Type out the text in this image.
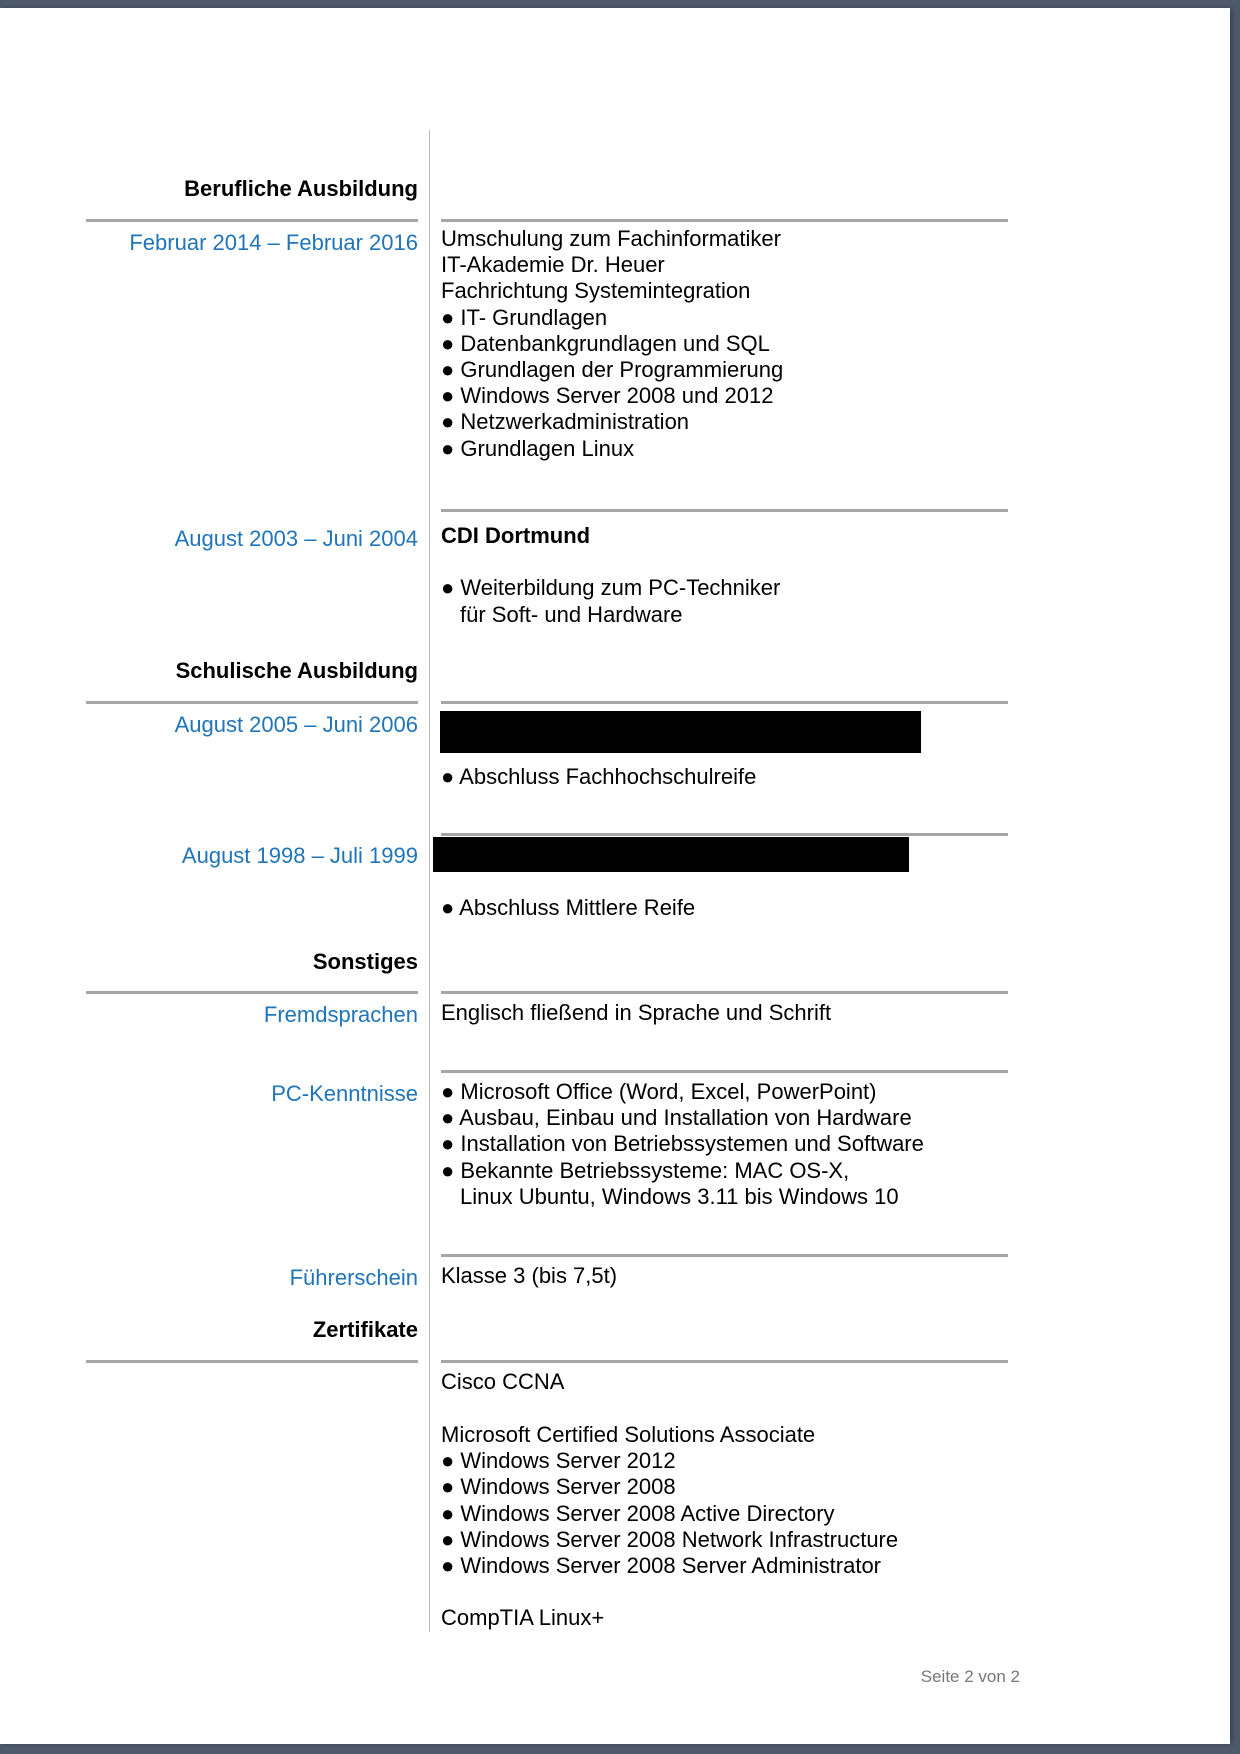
Berufliche Ausbildung
Februar 2014 – Februar 2016 Umschulung zum Fachinformatiker
IT-Akademie Dr. Heuer
Fachrichtung Systemintegration
● IT- Grundlagen
● Datenbankgrundlagen und SQL
● Grundlagen der Programmierung
● Windows Server 2008 und 2012
● Netzwerkadministration
● Grundlagen Linux
August 2003 – Juni 2004 CDI Dortmund
● Weiterbildung zum PC-Techniker
für Soft- und Hardware
Schulische Ausbildung
August 2005 – Juni 2006
● Abschluss Fachhochschulreife
August 1998 – Juli 1999
● Abschluss Mittlere Reife
Sonstiges
Fremdsprachen Englisch fließend in Sprache und Schrift
PC-Kenntnisse ● Microsoft Office (Word, Excel, PowerPoint)
● Ausbau, Einbau und Installation von Hardware
● Installation von Betriebssystemen und Software
● Bekannte Betriebssysteme: MAC OS-X,
Linux Ubuntu, Windows 3.11 bis Windows 10
Führerschein Klasse 3 (bis 7,5t)
Zertifikate
Cisco CCNA
Microsoft Certified Solutions Associate
● Windows Server 2012
● Windows Server 2008
● Windows Server 2008 Active Directory
● Windows Server 2008 Network Infrastructure
● Windows Server 2008 Server Administrator
CompTIA Linux+
Seite 2 von 2
